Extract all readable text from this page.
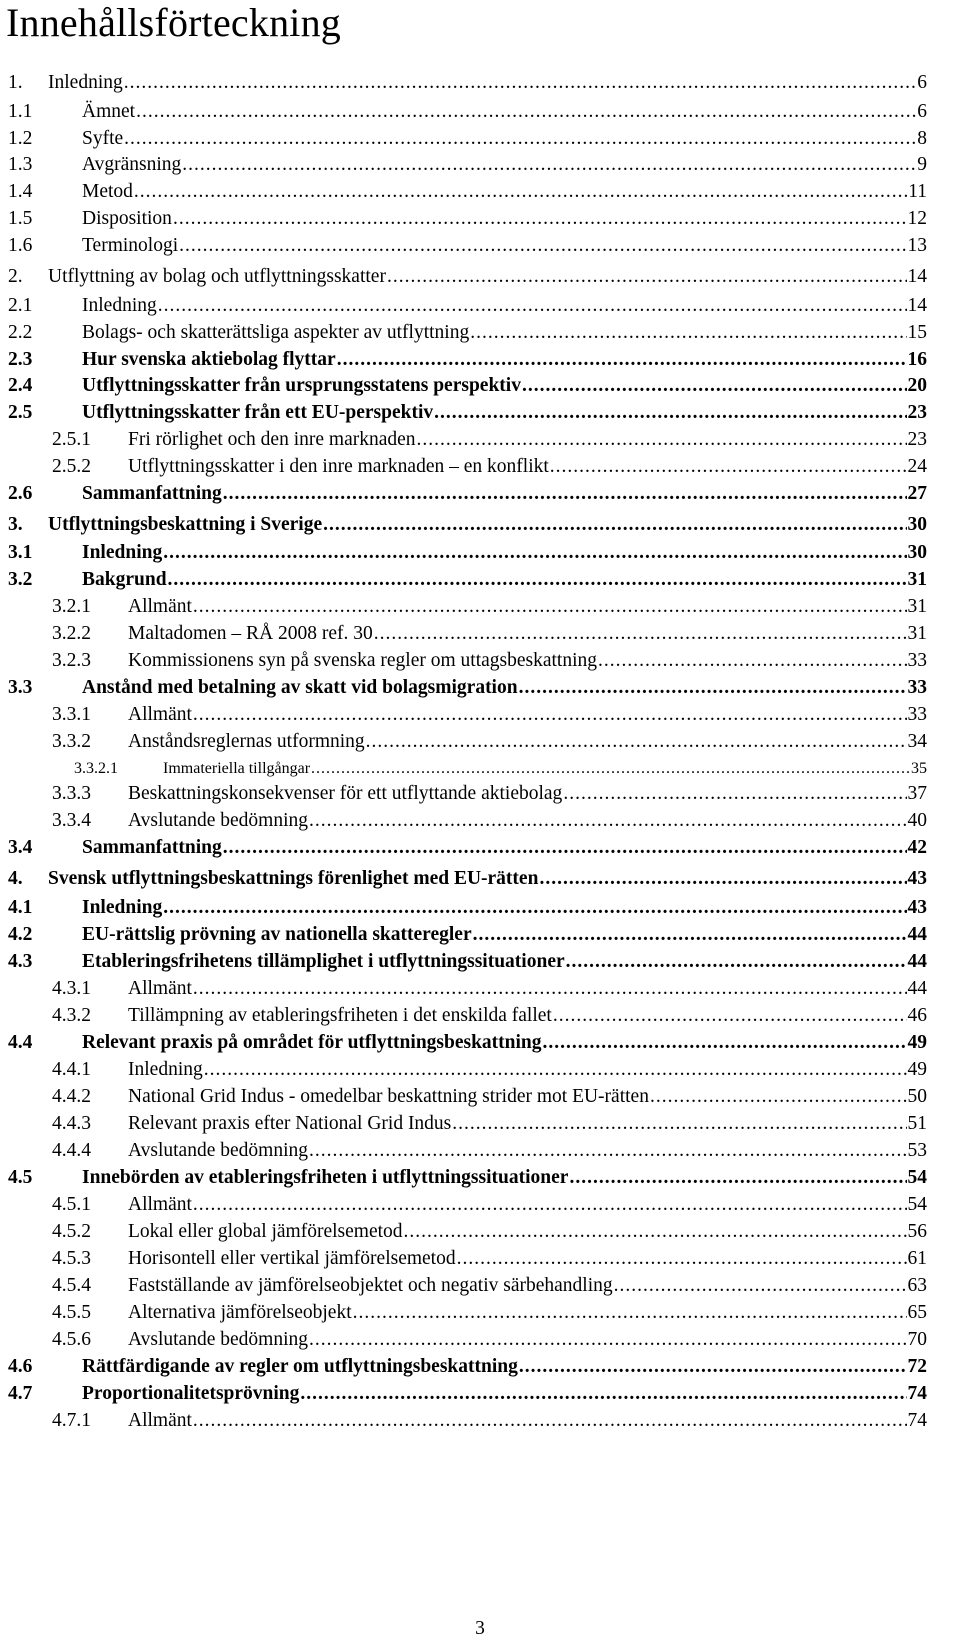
Innehållsförteckning
1. Inledning .....	6
1.1	Ämnet .....	6
1.2	Syfte .....	8
1.3	Avgränsning .....	9
1.4	Metod .....	11
1.5	Disposition .....	12
1.6	Terminologi .....	13
2. Utflyttning av bolag och utflyttningsskatter .....	14
2.1	Inledning .....	14
2.2	Bolags- och skatterättsliga aspekter av utflyttning .....	15
2.3	Hur svenska aktiebolag flyttar .....	16
2.4	Utflyttningsskatter från ursprungsstatens perspektiv .....	20
2.5	Utflyttningsskatter från ett EU-perspektiv .....	23
2.5.1 Fri rörlighet och den inre marknaden .....	23
2.5.2 Utflyttningsskatter i den inre marknaden – en konflikt .....	24
2.6	Sammanfattning .....	27
3. Utflyttningsbeskattning i Sverige .....	30
3.1	Inledning .....	30
3.2	Bakgrund .....	31
3.2.1 Allmänt .....	31
3.2.2 Maltadomen – RÅ 2008 ref. 30 .....	31
3.2.3 Kommissionens syn på svenska regler om uttagsbeskattning .....	33
3.3	Anstånd med betalning av skatt vid bolagsmigration .....	33
3.3.1 Allmänt .....	33
3.3.2 Anståndsreglernas utformning .....	34
3.3.2.1	Immateriella tillgångar .....	35
3.3.3 Beskattningskonsekvenser för ett utflyttande aktiebolag .....	37
3.3.4 Avslutande bedömning .....	40
3.4	Sammanfattning .....	42
4. Svensk utflyttningsbeskattnings förenlighet med EU-rätten .....	43
4.1	Inledning .....	43
4.2	EU-rättslig prövning av nationella skatteregler .....	44
4.3	Etableringsfrihetens tillämplighet i utflyttningssituationer .....	44
4.3.1 Allmänt .....	44
4.3.2 Tillämpning av etableringsfriheten i det enskilda fallet .....	46
4.4	Relevant praxis på området för utflyttningsbeskattning .....	49
4.4.1 Inledning .....	49
4.4.2 National Grid Indus - omedelbar beskattning strider mot EU-rätten .....	50
4.4.3 Relevant praxis efter National Grid Indus .....	51
4.4.4 Avslutande bedömning .....	53
4.5	Innebörden av etableringsfriheten i utflyttningssituationer .....	54
4.5.1 Allmänt .....	54
4.5.2 Lokal eller global jämförelsemetod .....	56
4.5.3 Horisontell eller vertikal jämförelsemetod .....	61
4.5.4 Fastställande av jämförelseobjektet och negativ särbehandling .....	63
4.5.5 Alternativa jämförelseobjekt .....	65
4.5.6 Avslutande bedömning .....	70
4.6	Rättfärdigande av regler om utflyttningsbeskattning .....	72
4.7	Proportionalitetsprövning .....	74
4.7.1 Allmänt .....	74
3
